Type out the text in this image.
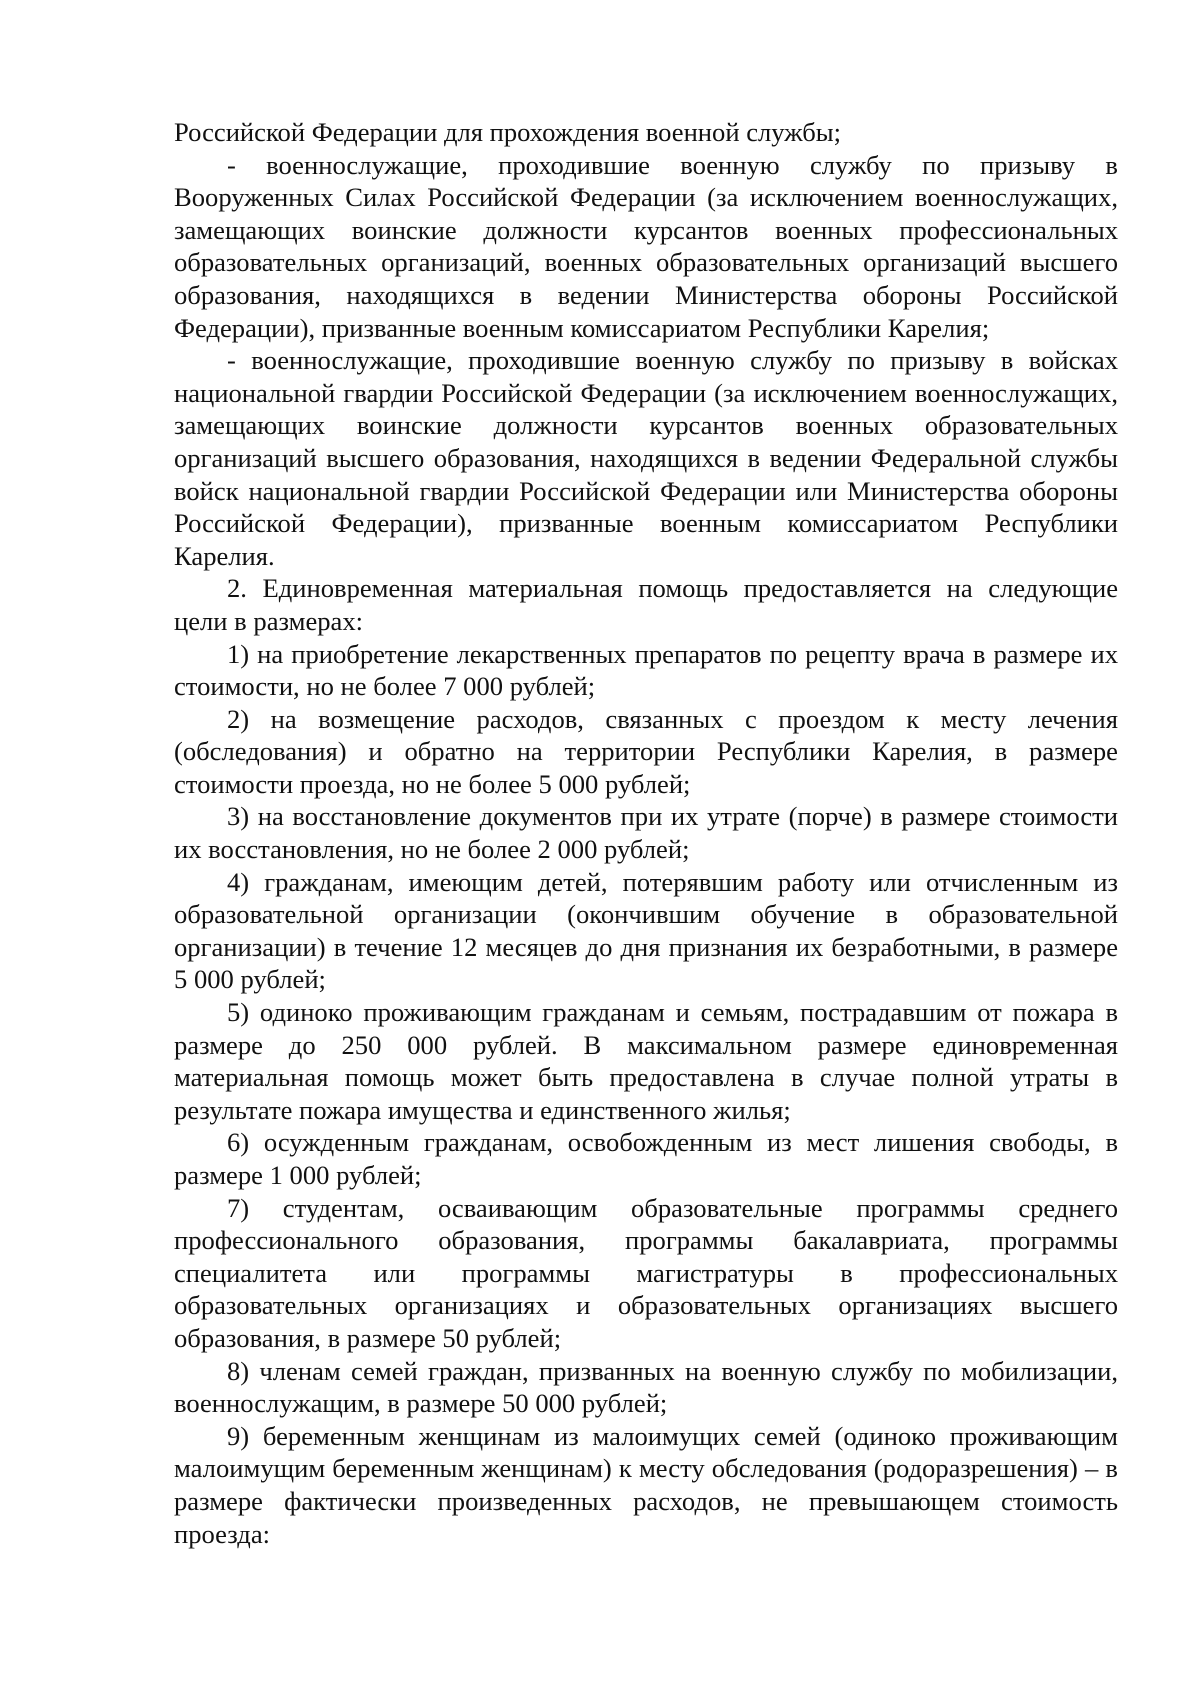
Российской Федерации для прохождения военной службы;

- военнослужащие, проходившие военную службу по призыву в Вооруженных Силах Российской Федерации (за исключением военнослужащих, замещающих воинские должности курсантов военных профессиональных образовательных организаций, военных образовательных организаций высшего образования, находящихся в ведении Министерства обороны Российской Федерации), призванные военным комиссариатом Республики Карелия;

- военнослужащие, проходившие военную службу по призыву в войсках национальной гвардии Российской Федерации (за исключением военнослужащих, замещающих воинские должности курсантов военных образовательных организаций высшего образования, находящихся в ведении Федеральной службы войск национальной гвардии Российской Федерации или Министерства обороны Российской Федерации), призванные военным комиссариатом Республики Карелия.

2. Единовременная материальная помощь предоставляется на следующие цели в размерах:

1) на приобретение лекарственных препаратов по рецепту врача в размере их стоимости, но не более 7 000 рублей;

2) на возмещение расходов, связанных с проездом к месту лечения (обследования) и обратно на территории Республики Карелия, в размере стоимости проезда, но не более 5 000 рублей;

3) на восстановление документов при их утрате (порче) в размере стоимости их восстановления, но не более 2 000 рублей;

4) гражданам, имеющим детей, потерявшим работу или отчисленным из образовательной организации (окончившим обучение в образовательной организации) в течение 12 месяцев до дня признания их безработными, в размере 5 000 рублей;

5) одиноко проживающим гражданам и семьям, пострадавшим от пожара в размере до 250 000 рублей. В максимальном размере единовременная материальная помощь может быть предоставлена в случае полной утраты в результате пожара имущества и единственного жилья;

6) осужденным гражданам, освобожденным из мест лишения свободы, в размере 1 000 рублей;

7) студентам, осваивающим образовательные программы среднего профессионального образования, программы бакалавриата, программы специалитета или программы магистратуры в профессиональных образовательных организациях и образовательных организациях высшего образования, в размере 50 рублей;

8) членам семей граждан, призванных на военную службу по мобилизации, военнослужащим, в размере 50 000 рублей;

9) беременным женщинам из малоимущих семей (одиноко проживающим малоимущим беременным женщинам) к месту обследования (родоразрешения) – в размере фактически произведенных расходов, не превышающем стоимость проезда:
